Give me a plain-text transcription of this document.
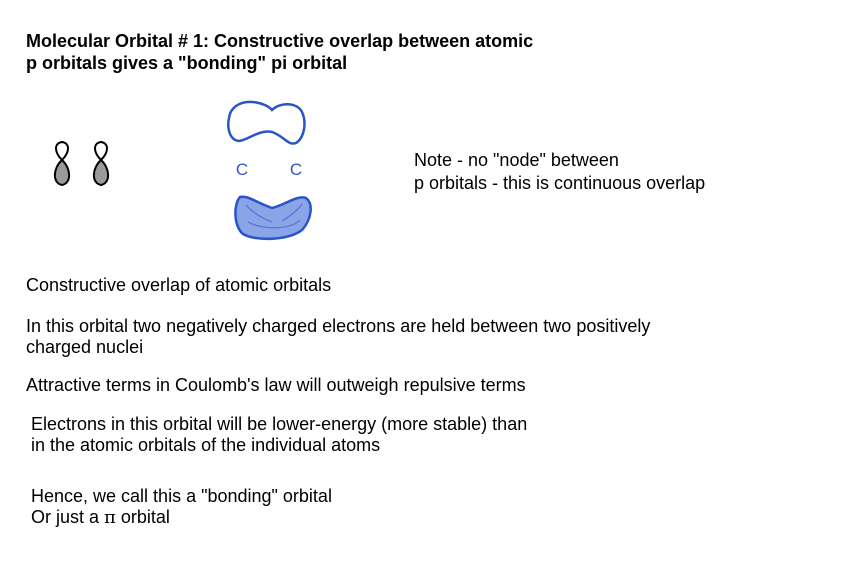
Molecular Orbital # 1: Constructive overlap between atomic
p orbitals gives a "bonding" pi orbital
C C	Note - no "node" between
p orbitals - this is continuous overlap
Constructive overlap of atomic orbitals
In this orbital two negatively charged electrons are held between two positively
charged nuclei
Attractive terms in Coulomb's law will outweigh repulsive terms
Electrons in this orbital will be lower-energy (more stable) than
in the atomic orbitals of the individual atoms
Hence, we call this a "bonding" orbital
Or just a π orbital
